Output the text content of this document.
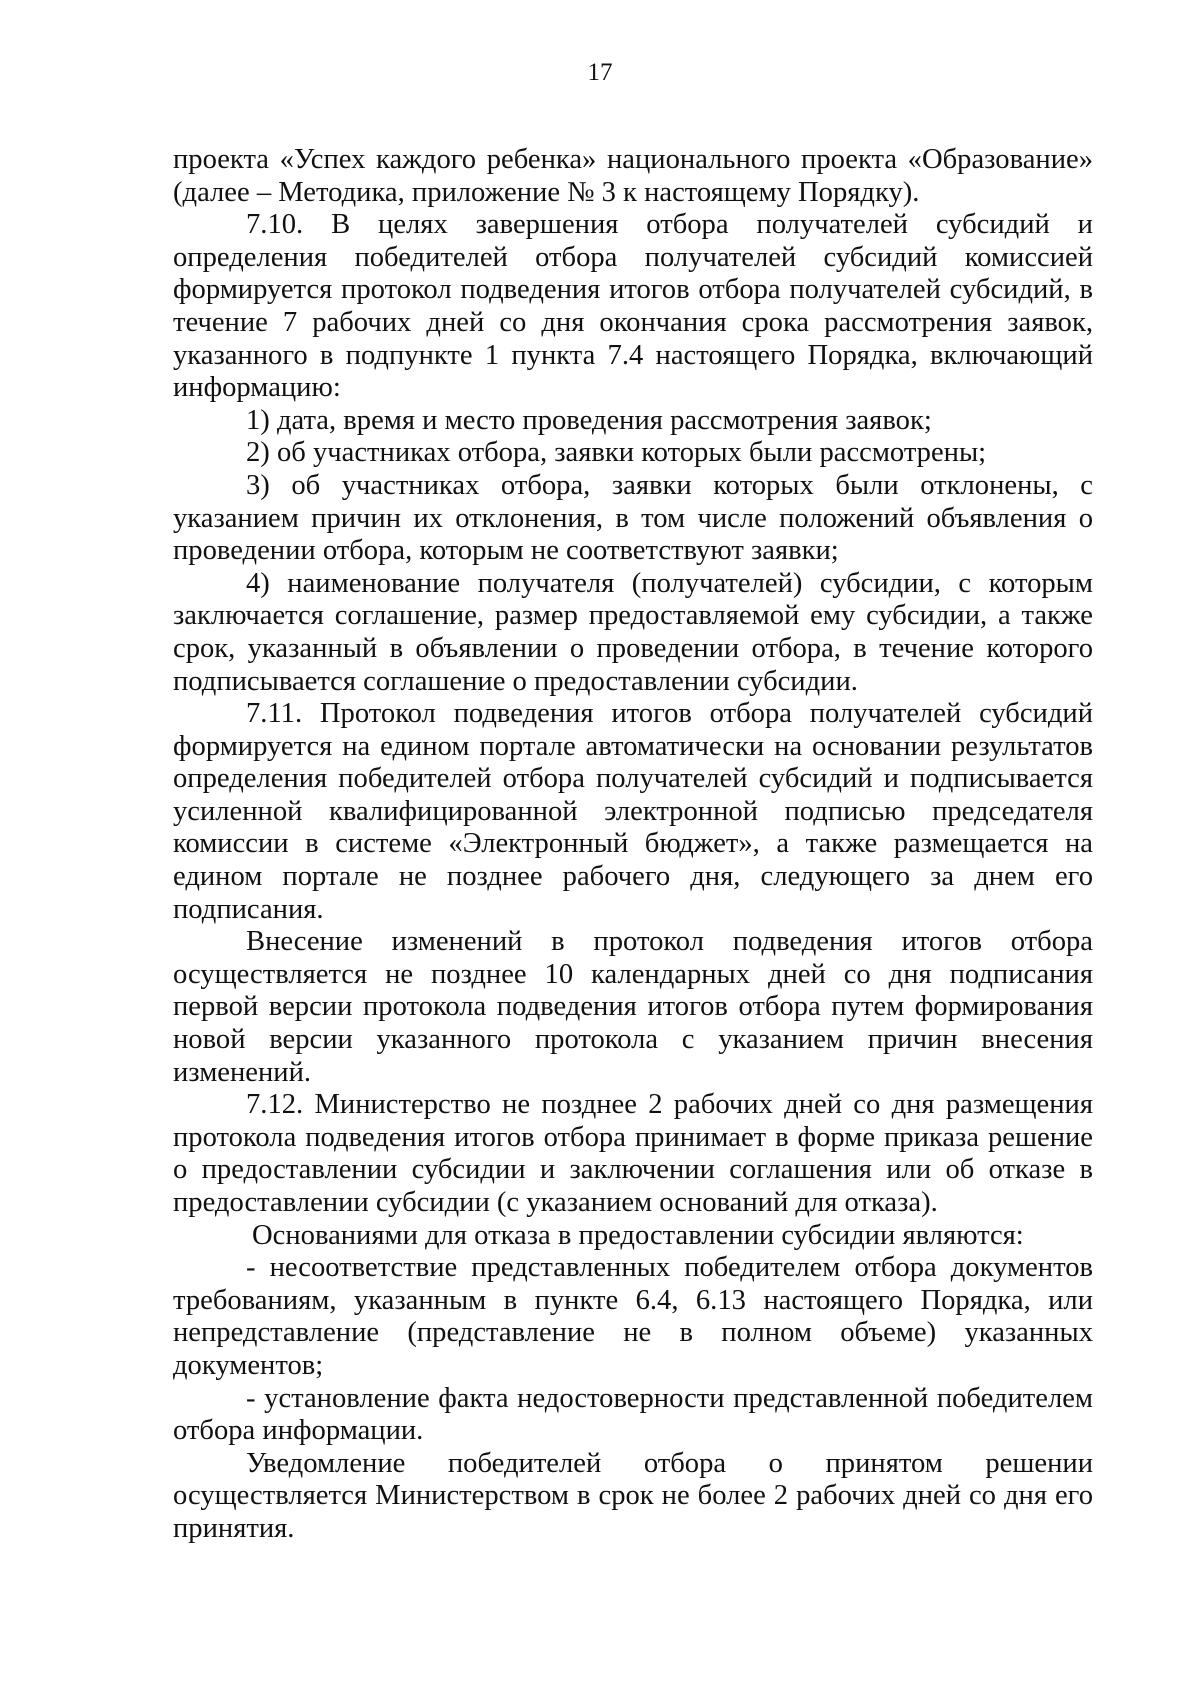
17

проекта «Успех каждого ребенка» национального проекта «Образование» (далее – Методика, приложение № 3 к настоящему Порядку).

7.10. В целях завершения отбора получателей субсидий и определения победителей отбора получателей субсидий комиссией формируется протокол подведения итогов отбора получателей субсидий, в течение 7 рабочих дней со дня окончания срока рассмотрения заявок, указанного в подпункте 1 пункта 7.4 настоящего Порядка, включающий информацию:

1) дата, время и место проведения рассмотрения заявок;

2) об участниках отбора, заявки которых были рассмотрены;

3) об участниках отбора, заявки которых были отклонены, с указанием причин их отклонения, в том числе положений объявления о проведении отбора, которым не соответствуют заявки;

4) наименование получателя (получателей) субсидии, с которым заключается соглашение, размер предоставляемой ему субсидии, а также срок, указанный в объявлении о проведении отбора, в течение которого подписывается соглашение о предоставлении субсидии.

7.11. Протокол подведения итогов отбора получателей субсидий формируется на едином портале автоматически на основании результатов определения победителей отбора получателей субсидий и подписывается усиленной квалифицированной электронной подписью председателя комиссии в системе «Электронный бюджет», а также размещается на едином портале не позднее рабочего дня, следующего за днем его подписания.

Внесение изменений в протокол подведения итогов отбора осуществляется не позднее 10 календарных дней со дня подписания первой версии протокола подведения итогов отбора путем формирования новой версии указанного протокола с указанием причин внесения изменений.

7.12. Министерство не позднее 2 рабочих дней со дня размещения протокола подведения итогов отбора принимает в форме приказа решение о предоставлении субсидии и заключении соглашения или об отказе в предоставлении субсидии (с указанием оснований для отказа).

Основаниями для отказа в предоставлении субсидии являются:

- несоответствие представленных победителем отбора документов требованиям, указанным в пункте 6.4, 6.13 настоящего Порядка, или непредставление (представление не в полном объеме) указанных документов;

- установление факта недостоверности представленной победителем отбора информации.

Уведомление победителей отбора о принятом решении осуществляется Министерством в срок не более 2 рабочих дней со дня его принятия.
